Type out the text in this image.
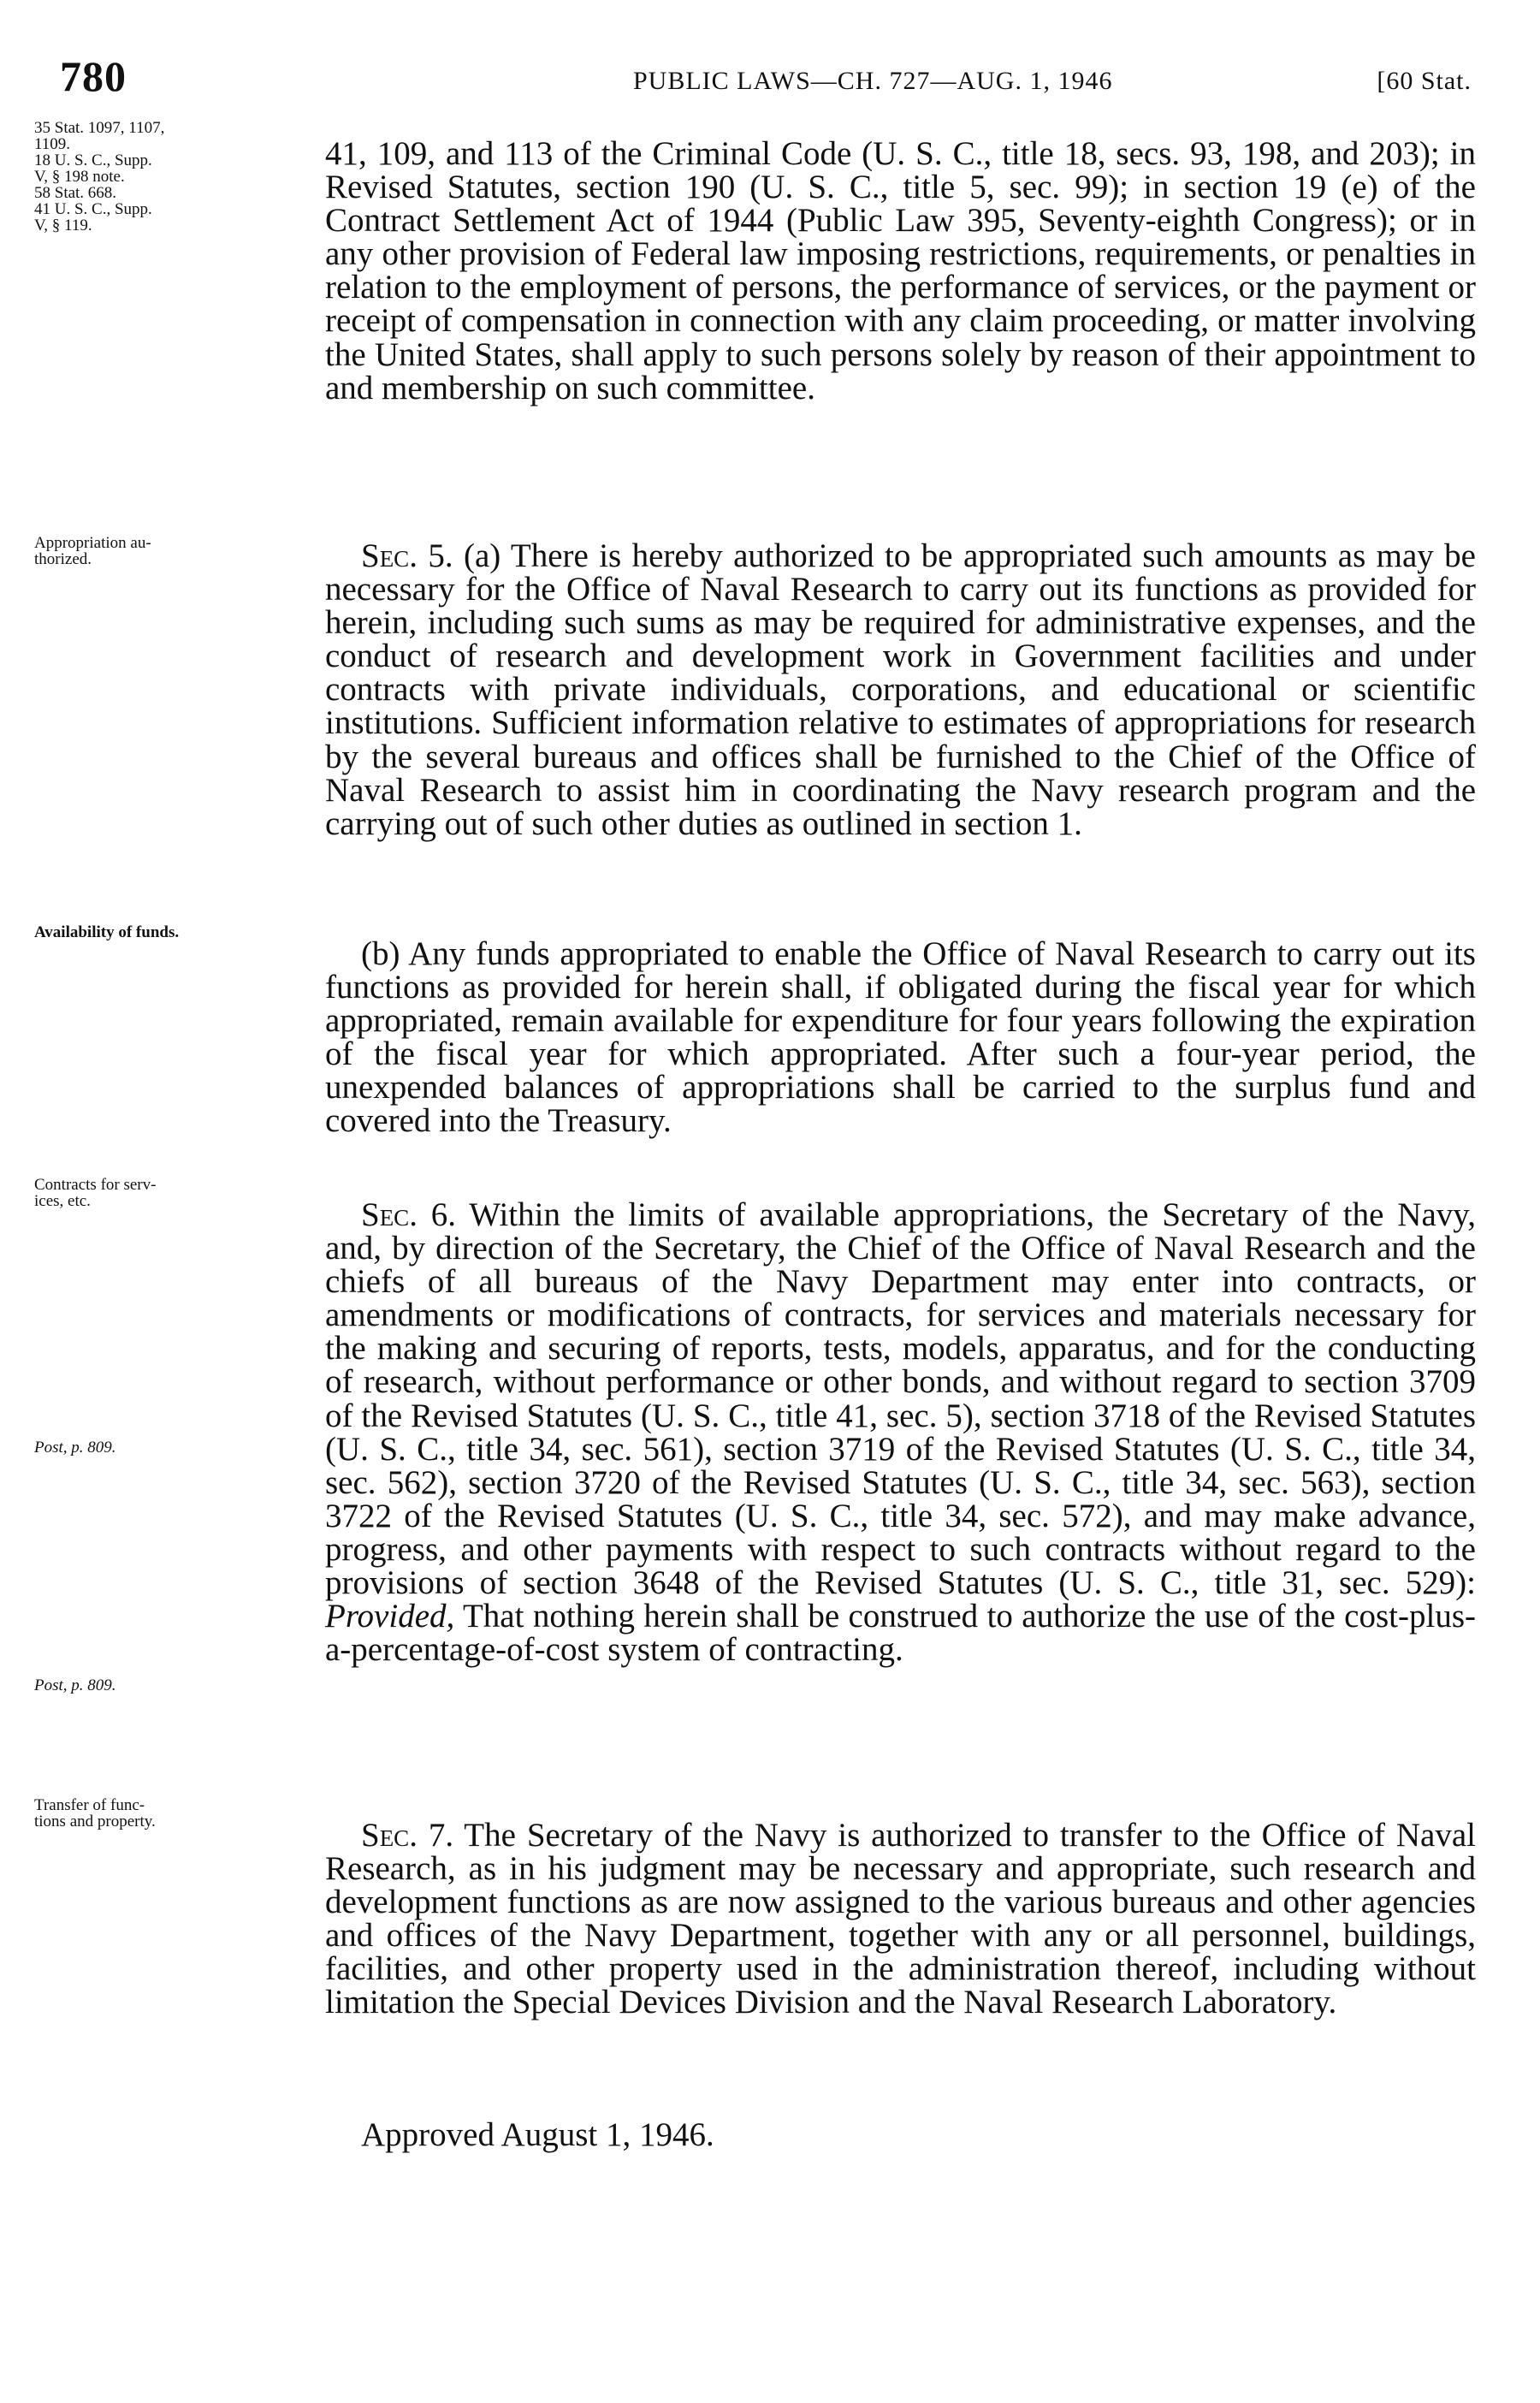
780	PUBLIC LAWS—CH. 727—AUG. 1, 1946	[60 Stat.
35 Stat. 1097, 1107,
1109.
18 U. S. C., Supp.
V, § 198 note.
58 Stat. 668.
41 U. S. C., Supp.
V, § 119.
Appropriation au-
thorized.
Availability of funds.
Contracts for serv-
ices, etc.
Post, p. 809.
Post, p. 809.
Transfer of func-
tions and property.
41, 109, and 113 of the Criminal Code (U. S. C., title 18, secs. 93, 198, and 203); in Revised Statutes, section 190 (U. S. C., title 5, sec. 99); in section 19 (e) of the Contract Settlement Act of 1944 (Public Law 395, Seventy-eighth Congress); or in any other provision of Federal law imposing restrictions, requirements, or penalties in relation to the employment of persons, the performance of services, or the payment or receipt of compensation in connection with any claim proceeding, or matter involving the United States, shall apply to such persons solely by reason of their appointment to and membership on such committee.
Sec. 5. (a) There is hereby authorized to be appropriated such amounts as may be necessary for the Office of Naval Research to carry out its functions as provided for herein, including such sums as may be required for administrative expenses, and the conduct of research and development work in Government facilities and under contracts with private individuals, corporations, and educational or scientific institutions. Sufficient information relative to estimates of appropriations for research by the several bureaus and offices shall be furnished to the Chief of the Office of Naval Research to assist him in coordinating the Navy research program and the carrying out of such other duties as outlined in section 1.
(b) Any funds appropriated to enable the Office of Naval Research to carry out its functions as provided for herein shall, if obligated during the fiscal year for which appropriated, remain available for expenditure for four years following the expiration of the fiscal year for which appropriated. After such a four-year period, the unexpended balances of appropriations shall be carried to the surplus fund and covered into the Treasury.
Sec. 6. Within the limits of available appropriations, the Secretary of the Navy, and, by direction of the Secretary, the Chief of the Office of Naval Research and the chiefs of all bureaus of the Navy Department may enter into contracts, or amendments or modifications of contracts, for services and materials necessary for the making and securing of reports, tests, models, apparatus, and for the conducting of research, without performance or other bonds, and without regard to section 3709 of the Revised Statutes (U. S. C., title 41, sec. 5), section 3718 of the Revised Statutes (U. S. C., title 34, sec. 561), section 3719 of the Revised Statutes (U. S. C., title 34, sec. 562), section 3720 of the Revised Statutes (U. S. C., title 34, sec. 563), section 3722 of the Revised Statutes (U. S. C., title 34, sec. 572), and may make advance, progress, and other payments with respect to such contracts without regard to the provisions of section 3648 of the Revised Statutes (U. S. C., title 31, sec. 529): Provided, That nothing herein shall be construed to authorize the use of the cost-plus-a-percentage-of-cost system of contracting.
Sec. 7. The Secretary of the Navy is authorized to transfer to the Office of Naval Research, as in his judgment may be necessary and appropriate, such research and development functions as are now assigned to the various bureaus and other agencies and offices of the Navy Department, together with any or all personnel, buildings, facilities, and other property used in the administration thereof, including without limitation the Special Devices Division and the Naval Research Laboratory.
Approved August 1, 1946.
